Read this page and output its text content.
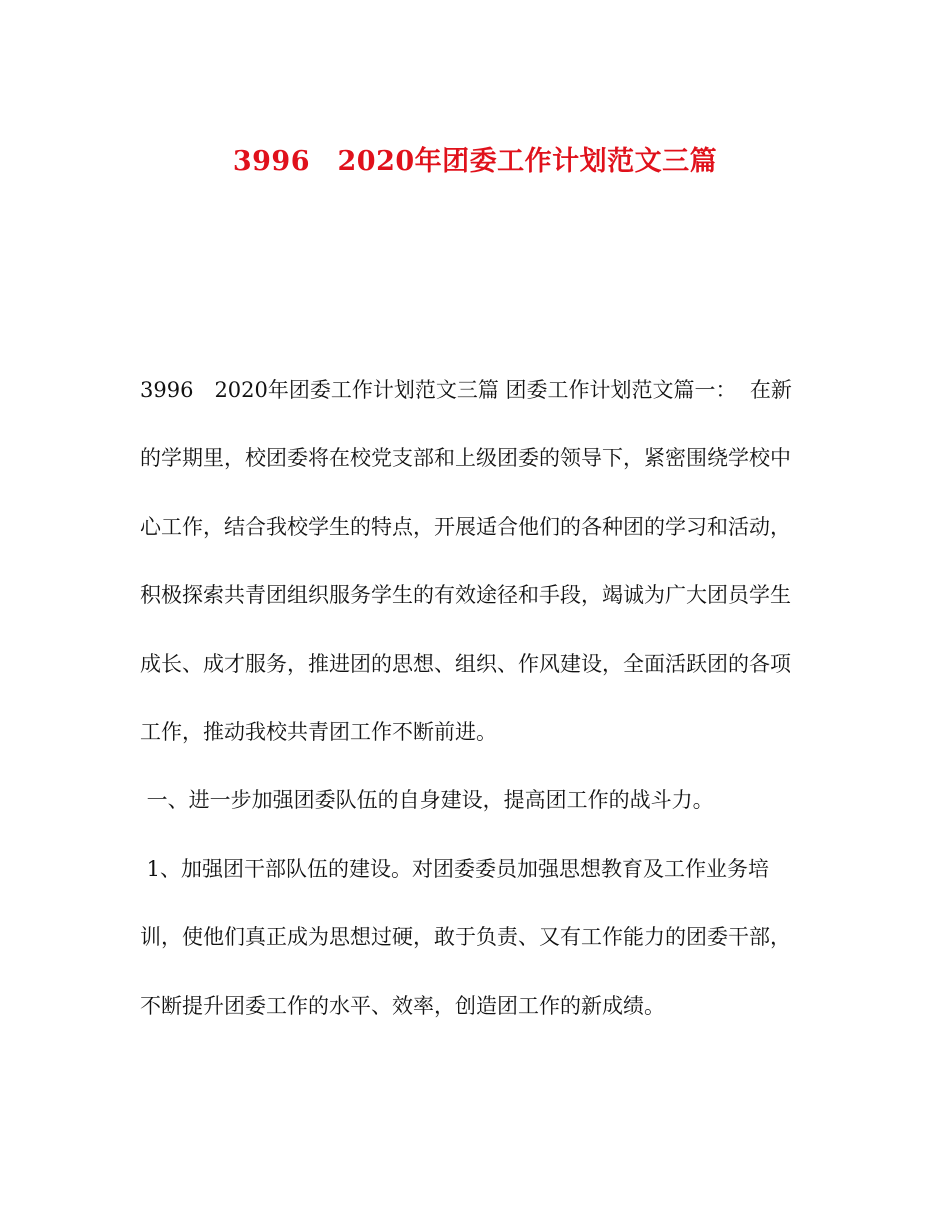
3996　2020年团委工作计划范文三篇
3996　2020年团委工作计划范文三篇 团委工作计划范文篇一：  在新
的学期里，校团委将在校党支部和上级团委的领导下，紧密围绕学校中
心工作，结合我校学生的特点，开展适合他们的各种团的学习和活动，
积极探索共青团组织服务学生的有效途径和手段，竭诚为广大团员学生
成长、成才服务，推进团的思想、组织、作风建设，全面活跃团的各项
工作，推动我校共青团工作不断前进。
一、进一步加强团委队伍的自身建设，提高团工作的战斗力。
1、加强团干部队伍的建设。对团委委员加强思想教育及工作业务培
训，使他们真正成为思想过硬，敢于负责、又有工作能力的团委干部，
不断提升团委工作的水平、效率，创造团工作的新成绩。
